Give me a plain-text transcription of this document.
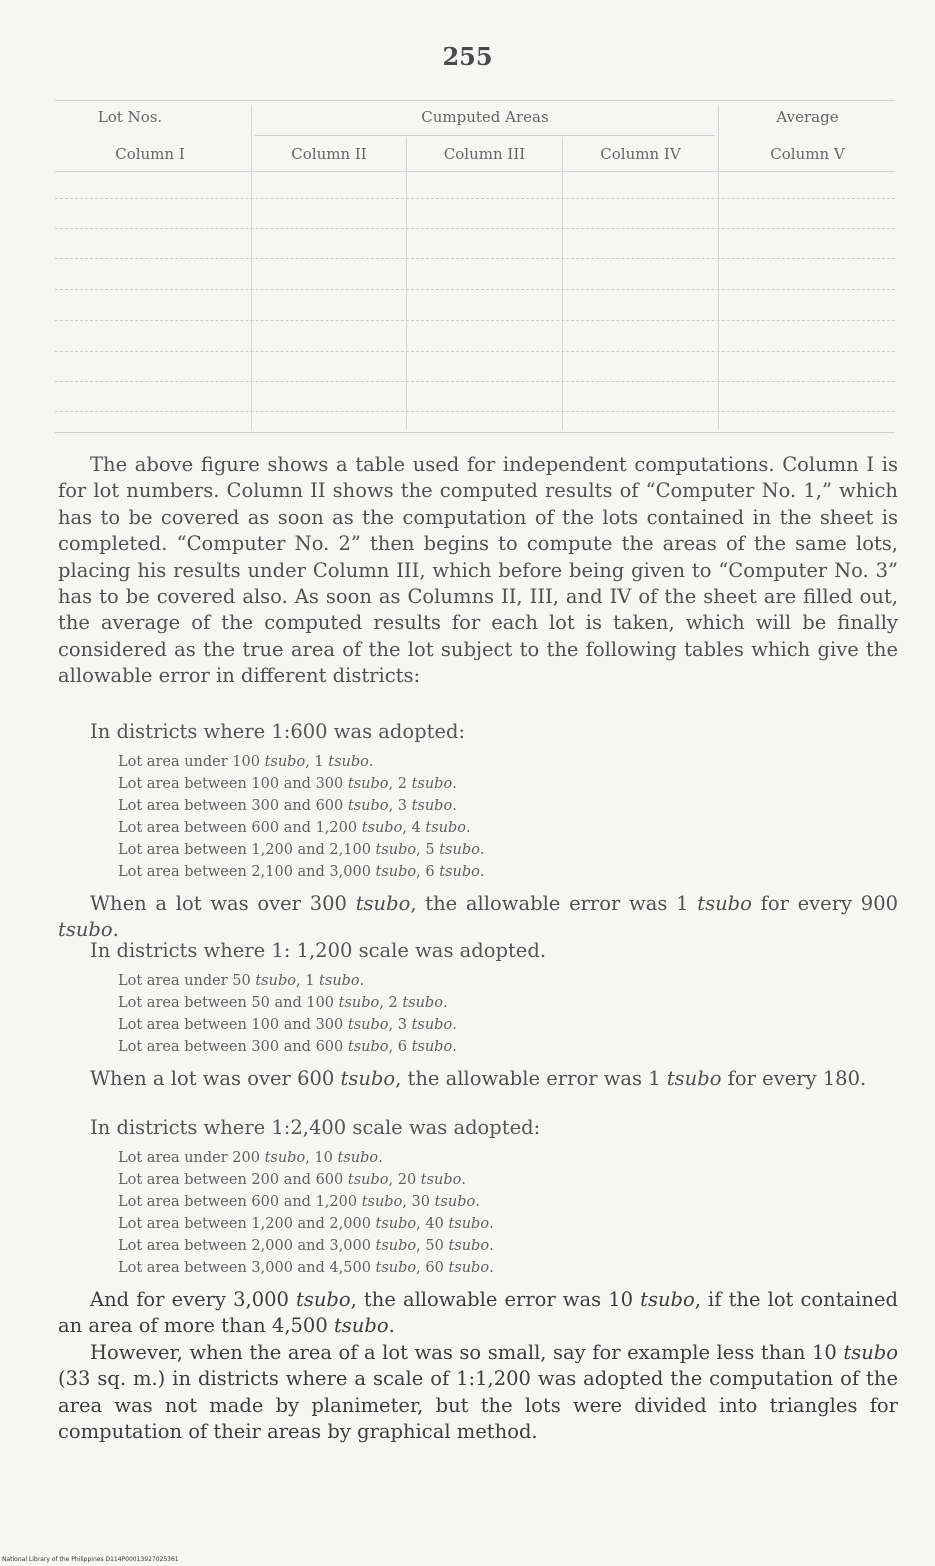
255
Lot Nos.	Cumputed Areas	Average
Column I	Column II	Column III	Column IV	Column V

The above figure shows a table used for independent computations. Column I is for lot numbers. Column II shows the computed results of “Computer No. 1,” which has to be covered as soon as the computation of the lots contained in the sheet is completed. “Computer No. 2” then begins to compute the areas of the same lots, placing his results under Column III, which before being given to “Computer No. 3” has to be covered also. As soon as Columns II, III, and IV of the sheet are filled out, the average of the computed results for each lot is taken, which will be finally considered as the true area of the lot subject to the following tables which give the allowable error in different districts:

In districts where 1:600 was adopted:

Lot area under 100 tsubo, 1 tsubo.
Lot area between 100 and 300 tsubo, 2 tsubo.
Lot area between 300 and 600 tsubo, 3 tsubo.
Lot area between 600 and 1,200 tsubo, 4 tsubo.
Lot area between 1,200 and 2,100 tsubo, 5 tsubo.
Lot area between 2,100 and 3,000 tsubo, 6 tsubo.

When a lot was over 300 tsubo, the allowable error was 1 tsubo for every 900 tsubo.

In districts where 1: 1,200 scale was adopted.

Lot area under 50 tsubo, 1 tsubo.
Lot area between 50 and 100 tsubo, 2 tsubo.
Lot area between 100 and 300 tsubo, 3 tsubo.
Lot area between 300 and 600 tsubo, 6 tsubo.

When a lot was over 600 tsubo, the allowable error was 1 tsubo for every 180.

In districts where 1:2,400 scale was adopted:

Lot area under 200 tsubo, 10 tsubo.
Lot area between 200 and 600 tsubo, 20 tsubo.
Lot area between 600 and 1,200 tsubo, 30 tsubo.
Lot area between 1,200 and 2,000 tsubo, 40 tsubo.
Lot area between 2,000 and 3,000 tsubo, 50 tsubo.
Lot area between 3,000 and 4,500 tsubo, 60 tsubo.

And for every 3,000 tsubo, the allowable error was 10 tsubo, if the lot contained an area of more than 4,500 tsubo.

However, when the area of a lot was so small, say for example less than 10 tsubo (33 sq. m.) in districts where a scale of 1:1,200 was adopted the computation of the area was not made by planimeter, but the lots were divided into triangles for computation of their areas by graphical method.

National Library of the Philippines D114P00013927025361
